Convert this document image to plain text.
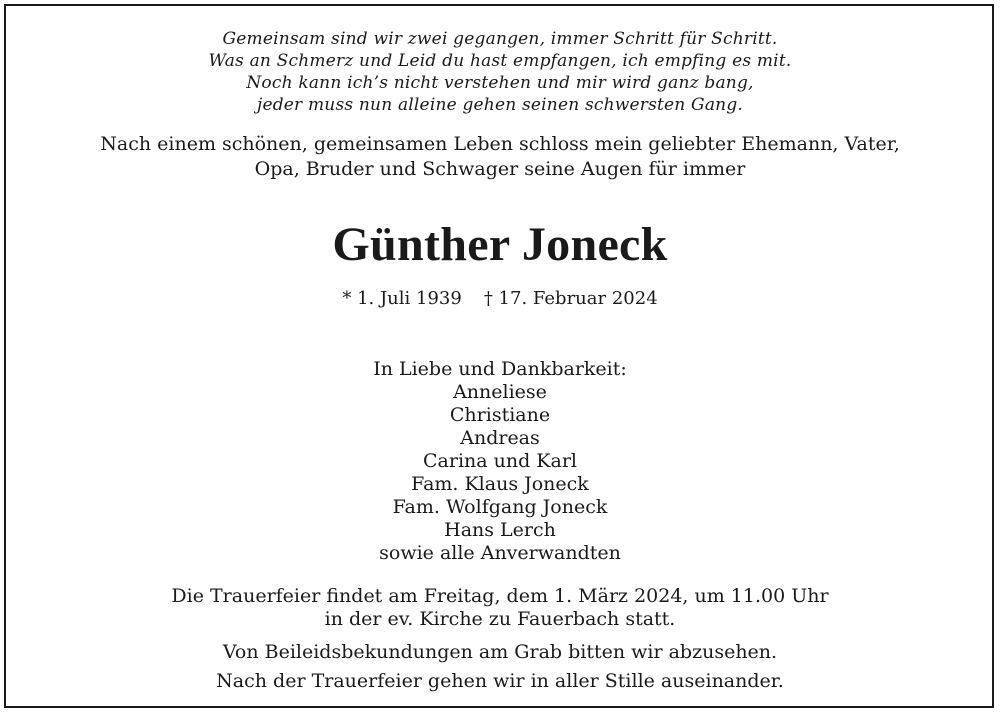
Gemeinsam sind wir zwei gegangen, immer Schritt für Schritt.
Was an Schmerz und Leid du hast empfangen, ich empfing es mit.
Noch kann ich’s nicht verstehen und mir wird ganz bang,
jeder muss nun alleine gehen seinen schwersten Gang.
Nach einem schönen, gemeinsamen Leben schloss mein geliebter Ehemann, Vater,
Opa, Bruder und Schwager seine Augen für immer
Günther Joneck
* 1. Juli 1939 † 17. Februar 2024
In Liebe und Dankbarkeit:
Anneliese
Christiane
Andreas
Carina und Karl
Fam. Klaus Joneck
Fam. Wolfgang Joneck
Hans Lerch
sowie alle Anverwandten
Die Trauerfeier findet am Freitag, dem 1. März 2024, um 11.00 Uhr
in der ev. Kirche zu Fauerbach statt.
Von Beileidsbekundungen am Grab bitten wir abzusehen.
Nach der Trauerfeier gehen wir in aller Stille auseinander.
